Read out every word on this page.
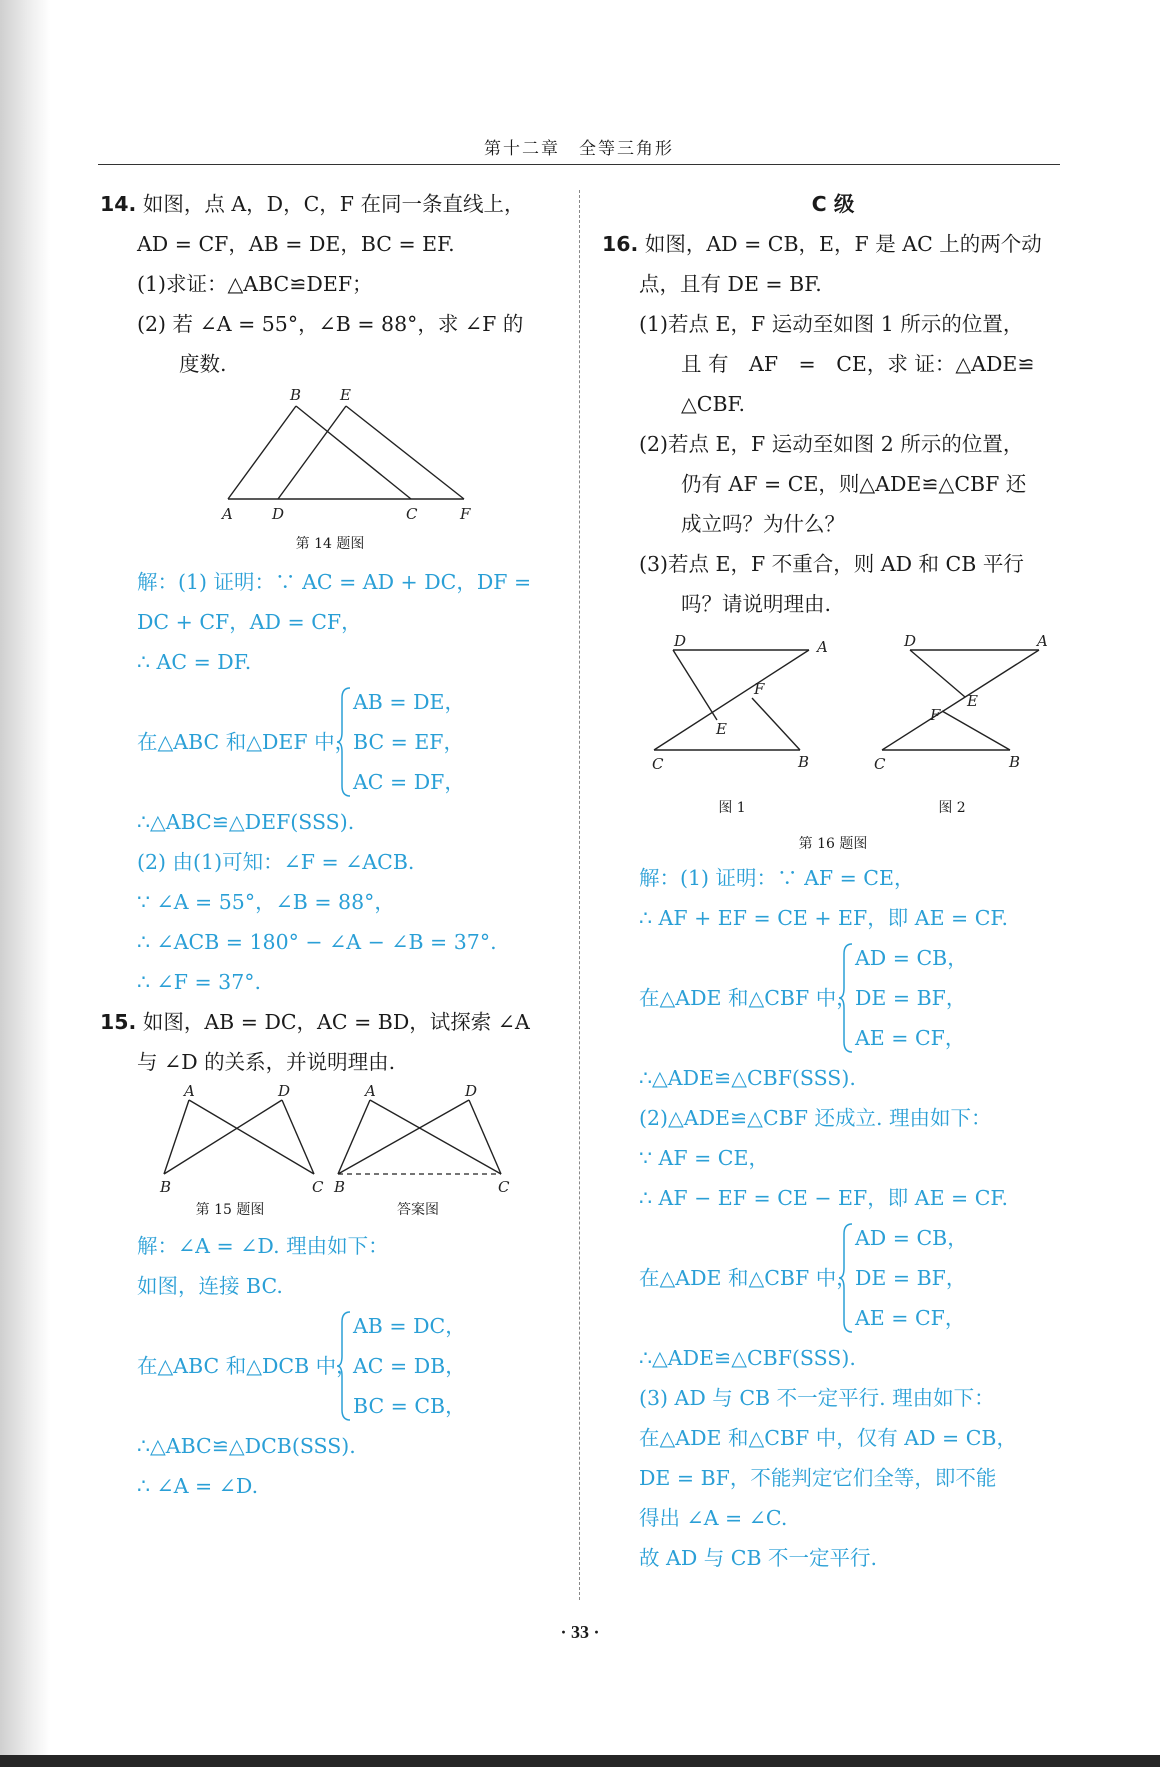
第十二章　全等三角形
14. 如图，点 A，D，C，F 在同一条直线上，
AD = CF，AB = DE，BC = EF.
(1)求证：△ABC≌DEF；
(2) 若 ∠A = 55°，∠B = 88°，求 ∠F 的
度数.
B	E
A	D	C	F
第 14 题图
解：(1) 证明：∵ AC = AD + DC，DF =
DC + CF，AD = CF，
∴ AC = DF.
在△ABC 和△DEF 中，
AB = DE，
BC = EF，
AC = DF，
∴△ABC≌△DEF(SSS).
(2) 由(1)可知：∠F = ∠ACB.
∵ ∠A = 55°，∠B = 88°，
∴ ∠ACB = 180° − ∠A − ∠B = 37°.
∴ ∠F = 37°.
15. 如图，AB = DC，AC = BD，试探索 ∠A
与 ∠D 的关系，并说明理由.
A	D
B	C
A	D
B	C
第 15 题图	答案图
解：∠A = ∠D. 理由如下：
如图，连接 BC.
在△ABC 和△DCB 中，
AB = DC，
AC = DB，
BC = CB，
∴△ABC≌△DCB(SSS).
∴ ∠A = ∠D.
C 级
16. 如图，AD = CB，E，F 是 AC 上的两个动
点，且有 DE = BF.
(1)若点 E，F 运动至如图 1 所示的位置，
且 有　AF　=　CE，求 证：△ADE≌
△CBF.
(2)若点 E，F 运动至如图 2 所示的位置，
仍有 AF = CE，则△ADE≌△CBF 还
成立吗？为什么？
(3)若点 E，F 不重合，则 AD 和 CB 平行
吗？请说明理由.
D	A
F
E
C	B
D	A
E
F
C	B
图 1	图 2
第 16 题图
解：(1) 证明：∵ AF = CE，
∴ AF + EF = CE + EF，即 AE = CF.
在△ADE 和△CBF 中，
AD = CB，
DE = BF，
AE = CF，
∴△ADE≌△CBF(SSS).
(2)△ADE≌△CBF 还成立. 理由如下：
∵ AF = CE，
∴ AF − EF = CE − EF，即 AE = CF.
在△ADE 和△CBF 中，
AD = CB，
DE = BF，
AE = CF，
∴△ADE≌△CBF(SSS).
(3) AD 与 CB 不一定平行. 理由如下：
在△ADE 和△CBF 中，仅有 AD = CB，
DE = BF，不能判定它们全等，即不能
得出 ∠A = ∠C.
故 AD 与 CB 不一定平行.
· 33 ·
